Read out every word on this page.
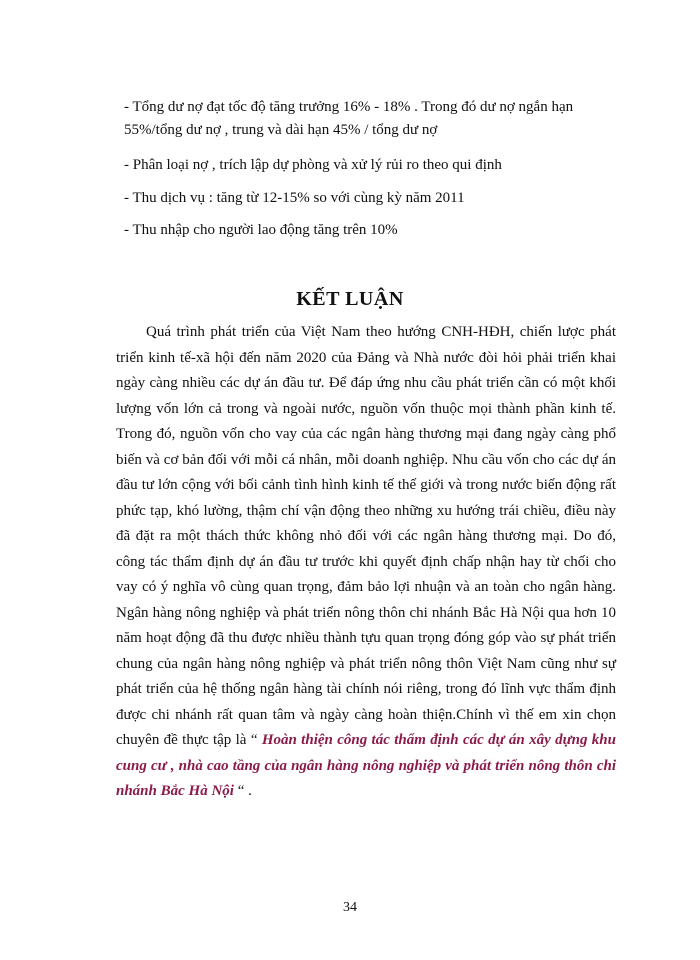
- Tổng dư nợ đạt tốc độ tăng trưởng 16% - 18% . Trong đó dư nợ ngắn hạn 55%/tổng dư nợ , trung và dài hạn 45% / tổng dư nợ

- Phân loại nợ , trích lập dự phòng và xử lý rủi ro theo qui định

- Thu dịch vụ : tăng từ 12-15% so với cùng kỳ năm 2011

- Thu nhập cho người lao động tăng trên 10%

KẾT LUẬN

Quá trình phát triển của Việt Nam theo hướng CNH-HĐH, chiến lược phát triển kinh tế-xã hội đến năm 2020 của Đảng và Nhà nước đòi hỏi phải triển khai ngày càng nhiều các dự án đầu tư. Để đáp ứng nhu cầu phát triển cần có một khối lượng vốn lớn cả trong và ngoài nước, nguồn vốn thuộc mọi thành phần kinh tế. Trong đó, nguồn vốn cho vay của các ngân hàng thương mại đang ngày càng phổ biến và cơ bản đối với mỗi cá nhân, mỗi doanh nghiệp. Nhu cầu vốn cho các dự án đầu tư lớn cộng với bối cảnh tình hình kinh tế thế giới và trong nước biến động rất phức tạp, khó lường, thậm chí vận động theo những xu hướng trái chiều, điều này đã đặt ra một thách thức không nhỏ đối với các ngân hàng thương mại. Do đó, công tác thẩm định dự án đầu tư trước khi quyết định chấp nhận hay từ chối cho vay có ý nghĩa vô cùng quan trọng, đảm bảo lợi nhuận và an toàn cho ngân hàng. Ngân hàng nông nghiệp và phát triển nông thôn chi nhánh Bắc Hà Nội qua hơn 10 năm hoạt động đã thu được nhiều thành tựu quan trọng đóng góp vào sự phát triển chung của ngân hàng nông nghiệp và phát triển nông thôn Việt Nam cũng như sự phát triển của hệ thống ngân hàng tài chính nói riêng, trong đó lĩnh vực thẩm định được chi nhánh rất quan tâm và ngày càng hoàn thiện.Chính vì thế em xin chọn chuyên đề thực tập là “ Hoàn thiện công tác thẩm định các dự án xây dựng khu cung cư , nhà cao tầng của ngân hàng nông nghiệp và phát triển nông thôn chi nhánh Bắc Hà Nội “ .

34
